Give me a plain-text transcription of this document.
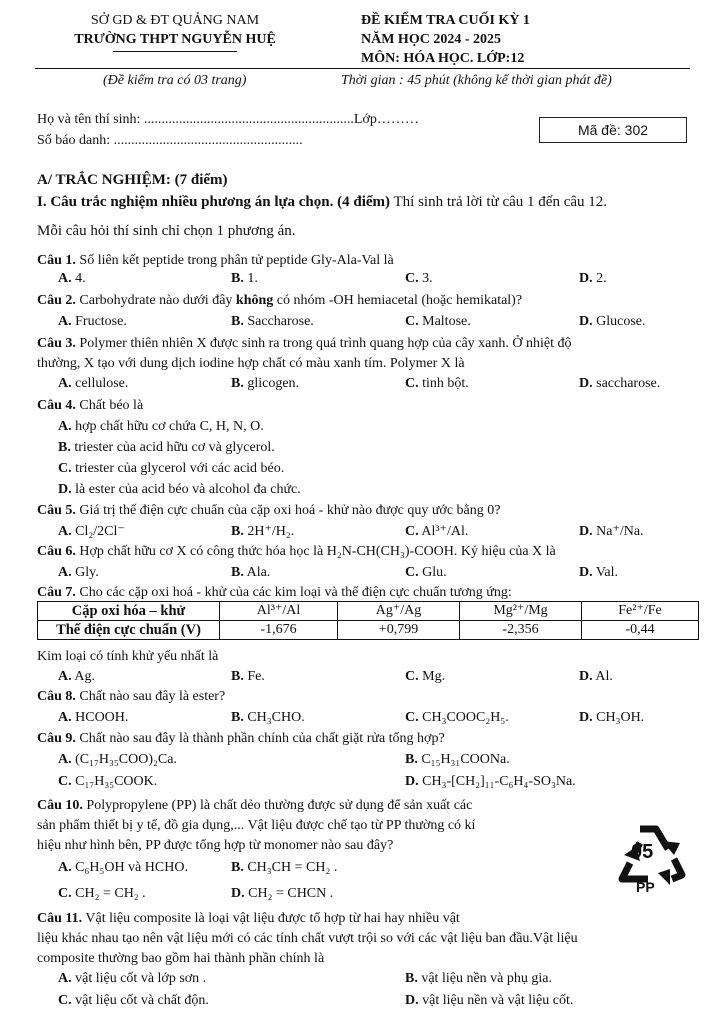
SỞ GD & ĐT QUẢNG NAM
TRƯỜNG THPT NGUYỄN HUỆ
(Đề kiểm tra có 03 trang)
ĐỀ KIỂM TRA CUỐI KỲ 1
NĂM HỌC 2024 - 2025
MÔN: HÓA HỌC. LỚP:12
Thời gian : 45 phút (không kể thời gian phát đề)
Họ và tên thí sinh: ............................................................Lớp………
Số báo danh: ......................................................
Mã đề: 302
A/ TRẮC NGHIỆM: (7 điểm)
I. Câu trắc nghiệm nhiều phương án lựa chọn. (4 điểm) Thí sinh trả lời từ câu 1 đến câu 12.
Mỗi câu hỏi thí sinh chỉ chọn 1 phương án.
Câu 1. Số liên kết peptide trong phân tử peptide Gly-Ala-Val là
A. 4.	B. 1.	C. 3.	D. 2.
Câu 2. Carbohydrate nào dưới đây không có nhóm -OH hemiacetal (hoặc hemikatal)?
A. Fructose.	B. Saccharose.	C. Maltose.	D. Glucose.
Câu 3. Polymer thiên nhiên X được sinh ra trong quá trình quang hợp của cây xanh. Ở nhiệt độ
thường, X tạo với dung dịch iodine hợp chất có màu xanh tím. Polymer X là
A. cellulose.	B. glicogen.	C. tinh bột.	D. saccharose.
Câu 4. Chất béo là
A. hợp chất hữu cơ chứa C, H, N, O.
B. triester của acid hữu cơ và glycerol.
C. triester của glycerol với các acid béo.
D. là ester của acid béo và alcohol đa chức.
Câu 5. Giá trị thế điện cực chuẩn của cặp oxi hoá - khử nào được quy ước bằng 0?
A. Cl₂/2Cl⁻	B. 2H⁺/H₂.	C. Al³⁺/Al.	D. Na⁺/Na.
Câu 6. Hợp chất hữu cơ X có công thức hóa học là H₂N-CH(CH₃)-COOH. Ký hiệu của X là
A. Gly.	B. Ala.	C. Glu.	D. Val.
Câu 7. Cho các cặp oxi hoá - khử của các kim loại và thế điện cực chuẩn tương ứng:
Cặp oxi hóa – khử	Al³⁺/Al	Ag⁺/Ag	Mg²⁺/Mg	Fe²⁺/Fe
Thế điện cực chuẩn (V)	-1,676	+0,799	-2,356	-0,44
Kim loại có tính khử yếu nhất là
A. Ag.	B. Fe.	C. Mg.	D. Al.
Câu 8. Chất nào sau đây là ester?
A. HCOOH.	B. CH₃CHO.	C. CH₃COOC₂H₅.	D. CH₃OH.
Câu 9. Chất nào sau đây là thành phần chính của chất giặt rửa tổng hợp?
A. (C₁₇H₃₅COO)₂Ca.	B. C₁₅H₃₁COONa.
C. C₁₇H₃₅COOK.	D. CH₃-[CH₂]₁₁-C₆H₄-SO₃Na.
Câu 10. Polypropylene (PP) là chất dẻo thường được sử dụng để sản xuất các
sản phẩm thiết bị y tế, đồ gia dụng,... Vật liệu được chế tạo từ PP thường có kí
hiệu như hình bên, PP được tổng hợp từ monomer nào sau đây?
A. C₆H₅OH và HCHO.	B. CH₃CH = CH₂ .
C. CH₂ = CH₂ .	D. CH₂ = CHCN .
05
PP
Câu 11. Vật liệu composite là loại vật liệu được tổ hợp từ hai hay nhiều vật
liệu khác nhau tạo nên vật liệu mới có các tính chất vượt trội so với các vật liệu ban đầu.Vật liệu
composite thường bao gồm hai thành phần chính là
A. vật liệu cốt và lớp sơn .	B. vật liệu nền và phụ gia.
C. vật liệu cốt và chất độn.	D. vật liệu nền và vật liệu cốt.
